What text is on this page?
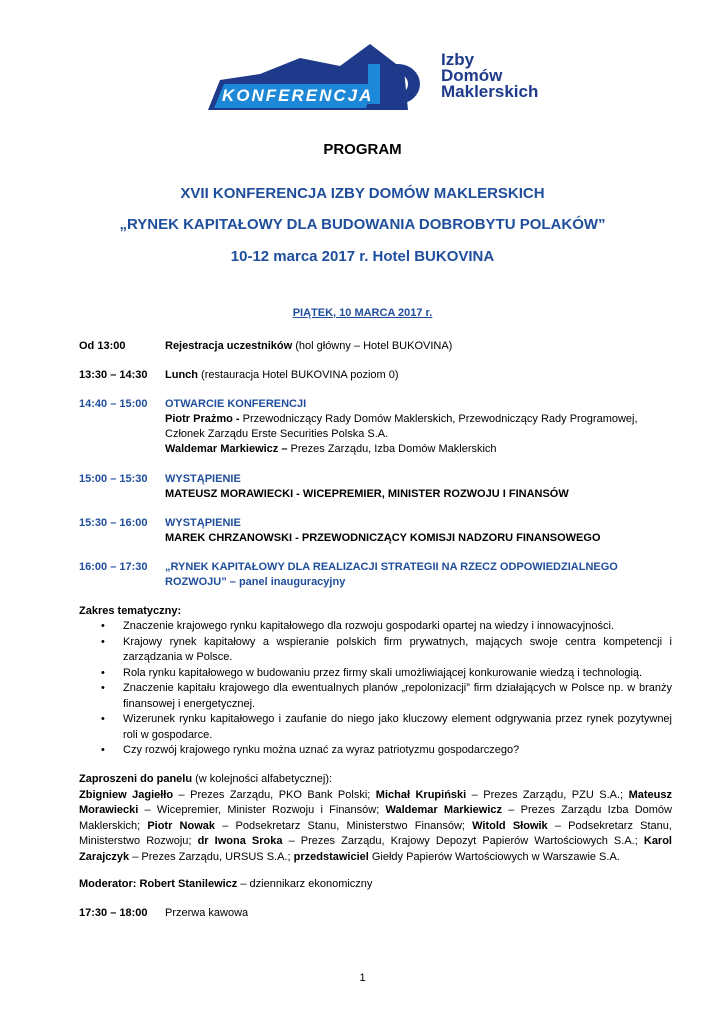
KONFERENCJA
Izby
Domów
Maklerskich
PROGRAM
XVII KONFERENCJA IZBY DOMÓW MAKLERSKICH
„RYNEK KAPITAŁOWY DLA BUDOWANIA DOBROBYTU POLAKÓW”
10-12 marca 2017 r. Hotel BUKOVINA
PIĄTEK, 10 MARCA 2017 r.
Od 13:00	Rejestracja uczestników (hol główny – Hotel BUKOVINA)
13:30 – 14:30 Lunch (restauracja Hotel BUKOVINA poziom 0)
14:40 – 15:00 OTWARCIE KONFERENCJI
Piotr Prażmo - Przewodniczący Rady Domów Maklerskich, Przewodniczący Rady Programowej, Członek Zarządu Erste Securities Polska S.A.
Waldemar Markiewicz – Prezes Zarządu, Izba Domów Maklerskich
15:00 – 15:30 WYSTĄPIENIE
MATEUSZ MORAWIECKI - WICEPREMIER, MINISTER ROZWOJU I FINANSÓW
15:30 – 16:00 WYSTĄPIENIE
MAREK CHRZANOWSKI - PRZEWODNICZĄCY KOMISJI NADZORU FINANSOWEGO
16:00 – 17:30 „RYNEK KAPITAŁOWY DLA REALIZACJI STRATEGII NA RZECZ ODPOWIEDZIALNEGO ROZWOJU” – panel inauguracyjny
Zakres tematyczny:
• Znaczenie krajowego rynku kapitałowego dla rozwoju gospodarki opartej na wiedzy i innowacyjności.
• Krajowy rynek kapitałowy a wspieranie polskich firm prywatnych, mających swoje centra kompetencji i zarządzania w Polsce.
• Rola rynku kapitałowego w budowaniu przez firmy skali umożliwiającej konkurowanie wiedzą i technologią.
• Znaczenie kapitału krajowego dla ewentualnych planów „repolonizacji” firm działających w Polsce np. w branży finansowej i energetycznej.
• Wizerunek rynku kapitałowego i zaufanie do niego jako kluczowy element odgrywania przez rynek pozytywnej roli w gospodarce.
• Czy rozwój krajowego rynku można uznać za wyraz patriotyzmu gospodarczego?
Zaproszeni do panelu (w kolejności alfabetycznej):
Zbigniew Jagiełło – Prezes Zarządu, PKO Bank Polski; Michał Krupiński – Prezes Zarządu, PZU S.A.; Mateusz Morawiecki – Wicepremier, Minister Rozwoju i Finansów; Waldemar Markiewicz – Prezes Zarządu Izba Domów Maklerskich; Piotr Nowak – Podsekretarz Stanu, Ministerstwo Finansów; Witold Słowik – Podsekretarz Stanu, Ministerstwo Rozwoju; dr Iwona Sroka – Prezes Zarządu, Krajowy Depozyt Papierów Wartościowych S.A.; Karol Zarajczyk – Prezes Zarządu, URSUS S.A.; przedstawiciel Giełdy Papierów Wartościowych w Warszawie S.A.
Moderator: Robert Stanilewicz – dziennikarz ekonomiczny
17:30 – 18:00 Przerwa kawowa
1
